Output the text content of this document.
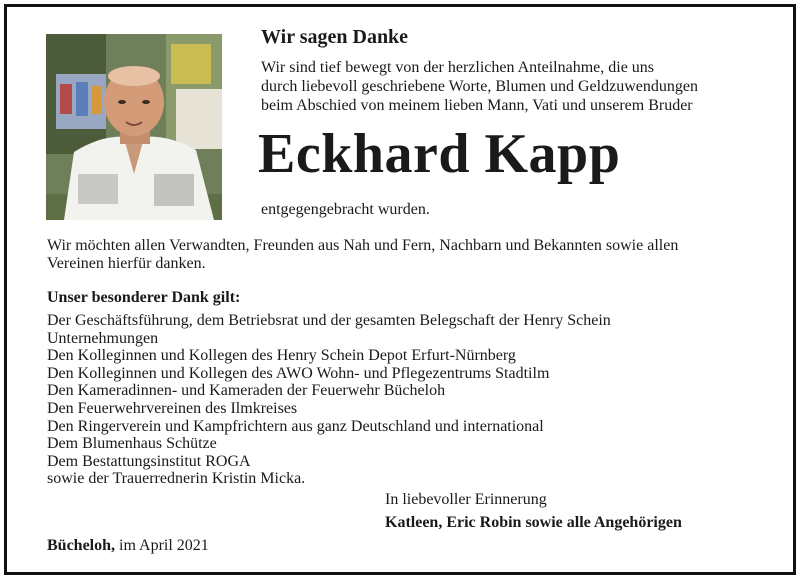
Wir sagen Danke
Wir sind tief bewegt von der herzlichen Anteilnahme, die uns
durch liebevoll geschriebene Worte, Blumen und Geldzuwendungen
beim Abschied von meinem lieben Mann, Vati und unserem Bruder
Eckhard Kapp
entgegengebracht wurden.
Wir möchten allen Verwandten, Freunden aus Nah und Fern, Nachbarn und Bekannten sowie allen
Vereinen hierfür danken.
Unser besonderer Dank gilt:
Der Geschäftsführung, dem Betriebsrat und der gesamten Belegschaft der Henry Schein
Unternehmungen
Den Kolleginnen und Kollegen des Henry Schein Depot Erfurt-Nürnberg
Den Kolleginnen und Kollegen des AWO Wohn- und Pflegezentrums Stadtilm
Den Kameradinnen- und Kameraden der Feuerwehr Bücheloh
Den Feuerwehrvereinen des Ilmkreises
Den Ringerverein und Kampfrichtern aus ganz Deutschland und international
Dem Blumenhaus Schütze
Dem Bestattungsinstitut ROGA
sowie der Trauerrednerin Kristin Micka.
In liebevoller Erinnerung
Katleen, Eric Robin sowie alle Angehörigen
Bücheloh, im April 2021
